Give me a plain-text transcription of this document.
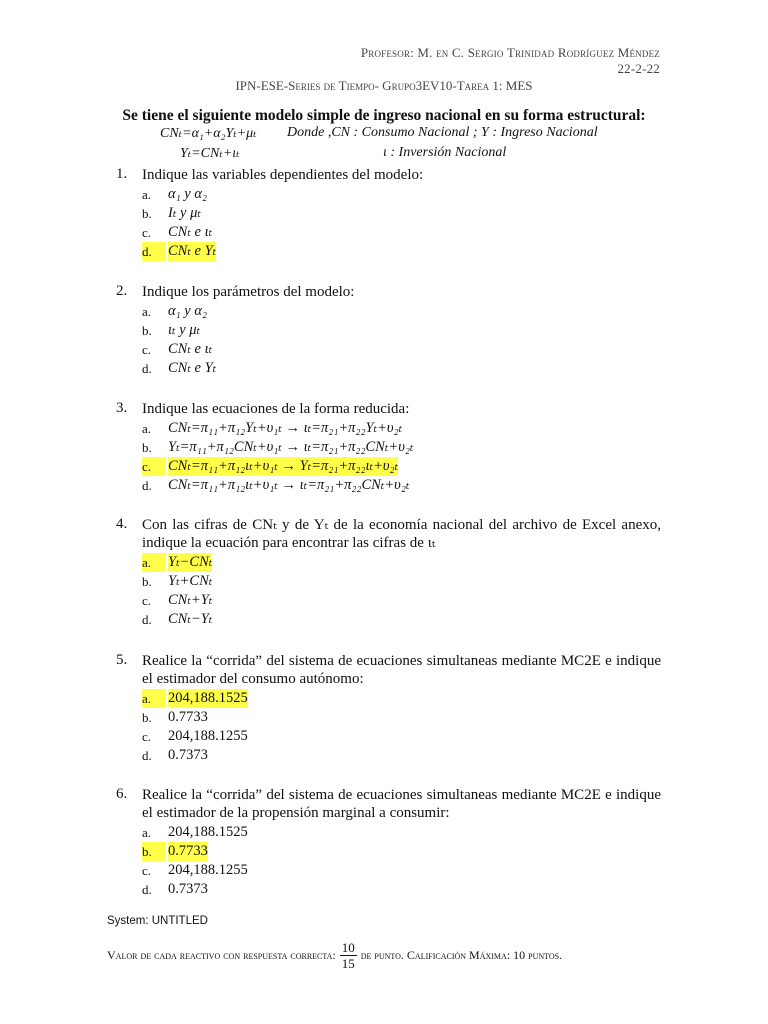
Profesor: M. en C. Sergio Trinidad Rodríguez Méndez
22-2-22
IPN-ESE-Series de Tiempo- Grupo3EV10-Tarea 1: MES
Se tiene el siguiente modelo simple de ingreso nacional en su forma estructural:
CNₜ=α₁+α₂Yₜ+μₜ Donde ,CN : Consumo Nacional ; Y : Ingreso Nacional
Yₜ=CNₜ+ιₜ	ι : Inversión Nacional
1. Indique las variables dependientes del modelo:
a.	α₁ y α₂
b.	Iₜ y μₜ
c.	CNₜ e ιₜ
d.	CNₜ e Yₜ
2. Indique los parámetros del modelo:
a.	α₁ y α₂
b.	ιₜ y μₜ
c.	CNₜ e ιₜ
d.	CNₜ e Yₜ
3. Indique las ecuaciones de la forma reducida:
a.	CNₜ=π₁₁+π₁₂Yₜ+υ₁ₜ → ιₜ=π₂₁+π₂₂Yₜ+υ₂ₜ
b.	Yₜ=π₁₁+π₁₂CNₜ+υ₁ₜ → ιₜ=π₂₁+π₂₂CNₜ+υ₂ₜ
c.	CNₜ=π₁₁+π₁₂ιₜ+υ₁ₜ → Yₜ=π₂₁+π₂₂ιₜ+υ₂ₜ
d.	CNₜ=π₁₁+π₁₂ιₜ+υ₁ₜ → ιₜ=π₂₁+π₂₂CNₜ+υ₂ₜ
4. Con las cifras de CNₜ y de Yₜ de la economía nacional del archivo de Excel anexo, indique la ecuación para encontrar las cifras de ιₜ
a.	Yₜ−CNₜ
b.	Yₜ+CNₜ
c.	CNₜ+Yₜ
d.	CNₜ−Yₜ
5. Realice la “corrida” del sistema de ecuaciones simultaneas mediante MC2E e indique el estimador del consumo autónomo:
a.	204,188.1525
b.	0.7733
c.	204,188.1255
d.	0.7373
6. Realice la “corrida” del sistema de ecuaciones simultaneas mediante MC2E e indique el estimador de la propensión marginal a consumir:
a.	204,188.1525
b.	0.7733
c.	204,188.1255
d.	0.7373
System: UNTITLED
Valor de cada reactivo con respuesta correcta: $\frac{10}{15}$ de punto. Calificación Máxima: 10 puntos.
